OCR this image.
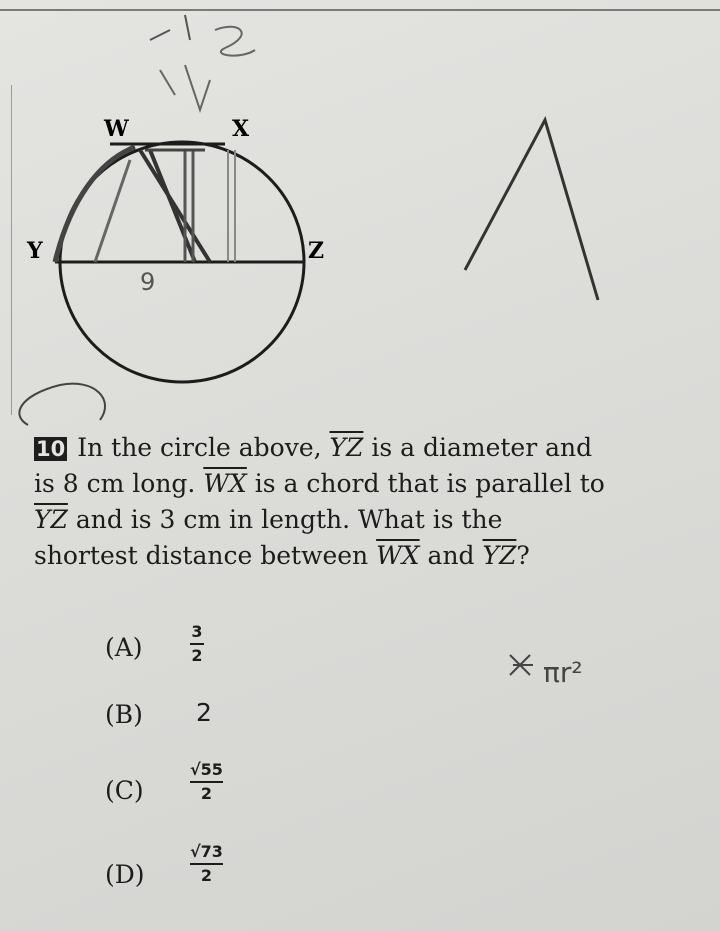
W	X
Y	Z
9
10 In the circle above, $\overline{YZ}$ is a diameter and
is 8 cm long. $\overline{WX}$ is a chord that is parallel to
$\overline{YZ}$ and is 3 cm in length. What is the
shortest distance between $\overline{WX}$ and $\overline{YZ}$?
(A)
3
2
(B)	2
(C)
√55
2
(D)
√73
2
πr²
